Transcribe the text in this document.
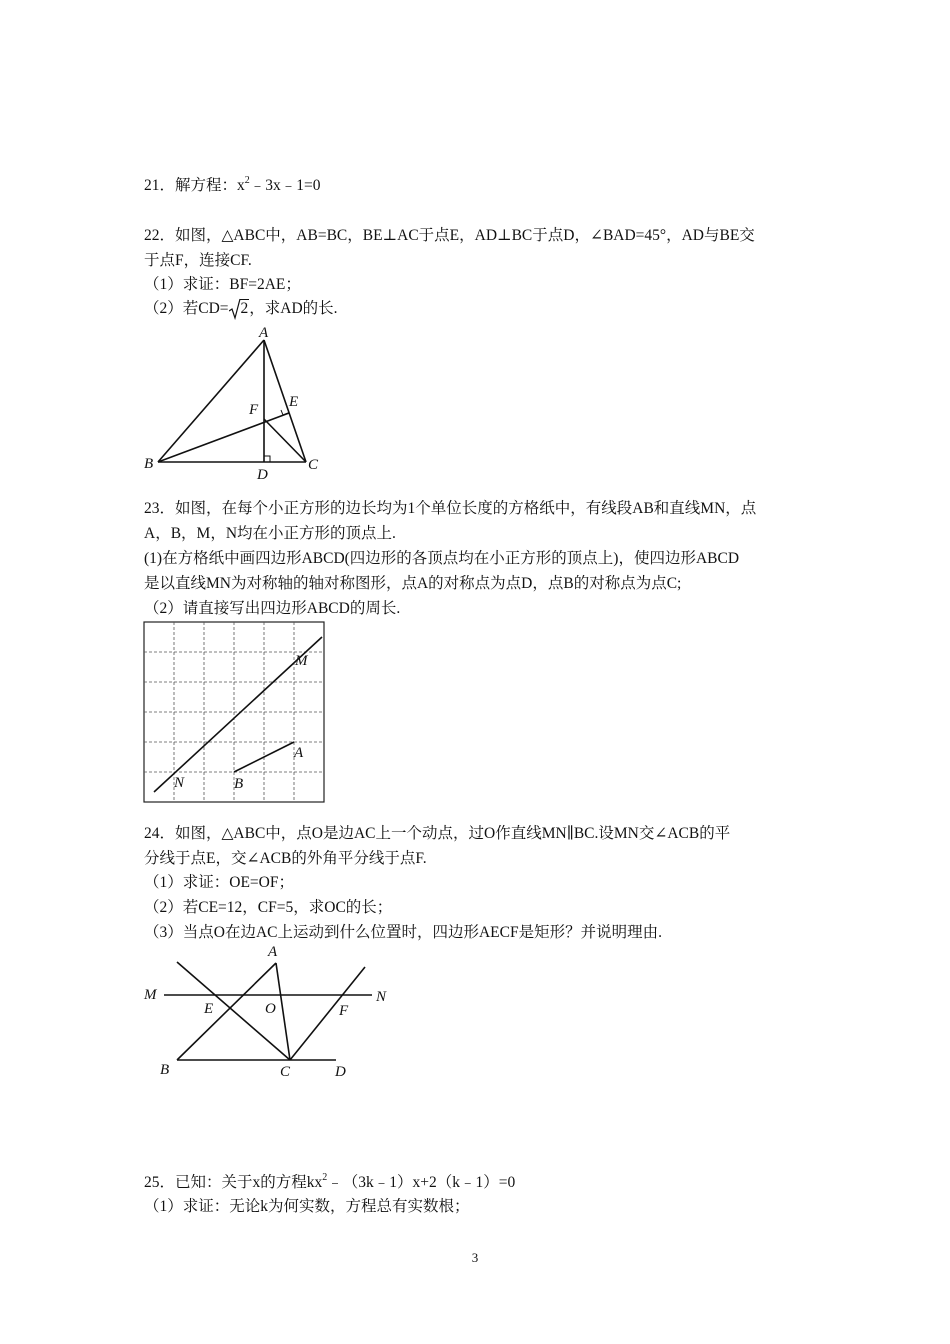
21．解方程：$x^2﹣3x﹣1=0$
22．如图，△ABC中，AB=BC，BE⊥AC于点E，AD⊥BC于点D，∠BAD=45°，AD与BE交
于点F，连接CF.
（1）求证：BF=2AE；
（2）若CD= 2，求AD的长.
A
F E
B	C
D
23．如图，在每个小正方形的边长均为1个单位长度的方格纸中，有线段AB和直线MN，点
A，B，M，N均在小正方形的顶点上.
(1)在方格纸中画四边形ABCD(四边形的各顶点均在小正方形的顶点上)，使四边形ABCD
是以直线MN为对称轴的轴对称图形，点A的对称点为点D，点B的对称点为点C;
（2）请直接写出四边形ABCD的周长.
M
N
A
B
24．如图，△ABC中，点O是边AC上一个动点，过O作直线MN∥BC.设MN交∠ACB的平
分线于点E，交∠ACB的外角平分线于点F.
（1）求证：OE=OF；
（2）若CE=12，CF=5，求OC的长；
（3）当点O在边AC上运动到什么位置时，四边形AECF是矩形？并说明理由.
A
M	N
E	O	F
B	C	D
25．已知：关于x的方程$kx^2﹣(3k﹣1)x+2(k﹣1)=0$
（1）求证：无论k为何实数，方程总有实数根；
3
